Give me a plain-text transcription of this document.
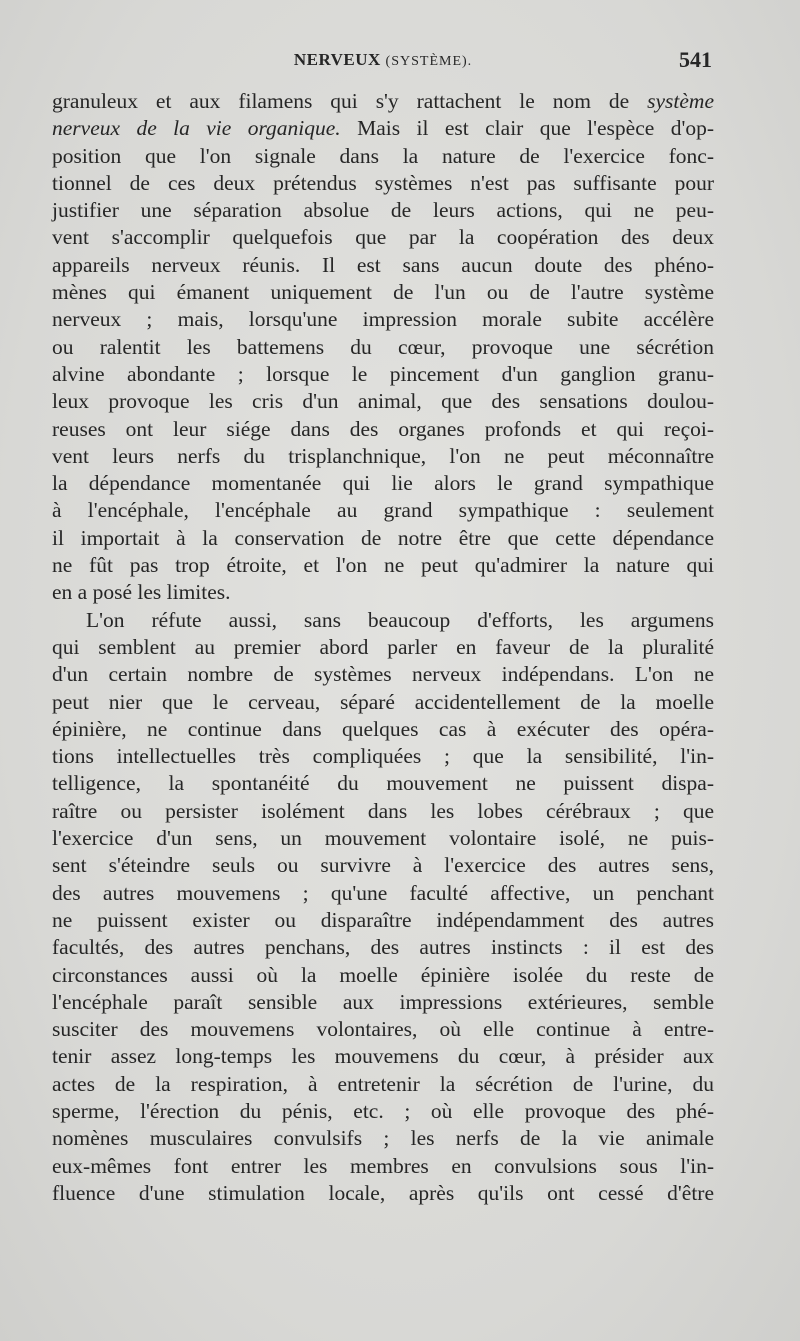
NERVEUX (SYSTÈME).	541
granuleux et aux filamens qui s'y rattachent le nom de système
nerveux de la vie organique. Mais il est clair que l'espèce d'op-
position que l'on signale dans la nature de l'exercice fonc-
tionnel de ces deux prétendus systèmes n'est pas suffisante pour
justifier une séparation absolue de leurs actions, qui ne peu-
vent s'accomplir quelquefois que par la coopération des deux
appareils nerveux réunis. Il est sans aucun doute des phéno-
mènes qui émanent uniquement de l'un ou de l'autre système
nerveux ; mais, lorsqu'une impression morale subite accélère
ou ralentit les battemens du cœur, provoque une sécrétion
alvine abondante ; lorsque le pincement d'un ganglion granu-
leux provoque les cris d'un animal, que des sensations doulou-
reuses ont leur siége dans des organes profonds et qui reçoi-
vent leurs nerfs du trisplanchnique, l'on ne peut méconnaître
la dépendance momentanée qui lie alors le grand sympathique
à l'encéphale, l'encéphale au grand sympathique : seulement
il importait à la conservation de notre être que cette dépendance
ne fût pas trop étroite, et l'on ne peut qu'admirer la nature qui
en a posé les limites.
L'on réfute aussi, sans beaucoup d'efforts, les argumens
qui semblent au premier abord parler en faveur de la pluralité
d'un certain nombre de systèmes nerveux indépendans. L'on ne
peut nier que le cerveau, séparé accidentellement de la moelle
épinière, ne continue dans quelques cas à exécuter des opéra-
tions intellectuelles très compliquées ; que la sensibilité, l'in-
telligence, la spontanéité du mouvement ne puissent dispa-
raître ou persister isolément dans les lobes cérébraux ; que
l'exercice d'un sens, un mouvement volontaire isolé, ne puis-
sent s'éteindre seuls ou survivre à l'exercice des autres sens,
des autres mouvemens ; qu'une faculté affective, un penchant
ne puissent exister ou disparaître indépendamment des autres
facultés, des autres penchans, des autres instincts : il est des
circonstances aussi où la moelle épinière isolée du reste de
l'encéphale paraît sensible aux impressions extérieures, semble
susciter des mouvemens volontaires, où elle continue à entre-
tenir assez long-temps les mouvemens du cœur, à présider aux
actes de la respiration, à entretenir la sécrétion de l'urine, du
sperme, l'érection du pénis, etc. ; où elle provoque des phé-
nomènes musculaires convulsifs ; les nerfs de la vie animale
eux-mêmes font entrer les membres en convulsions sous l'in-
fluence d'une stimulation locale, après qu'ils ont cessé d'être
